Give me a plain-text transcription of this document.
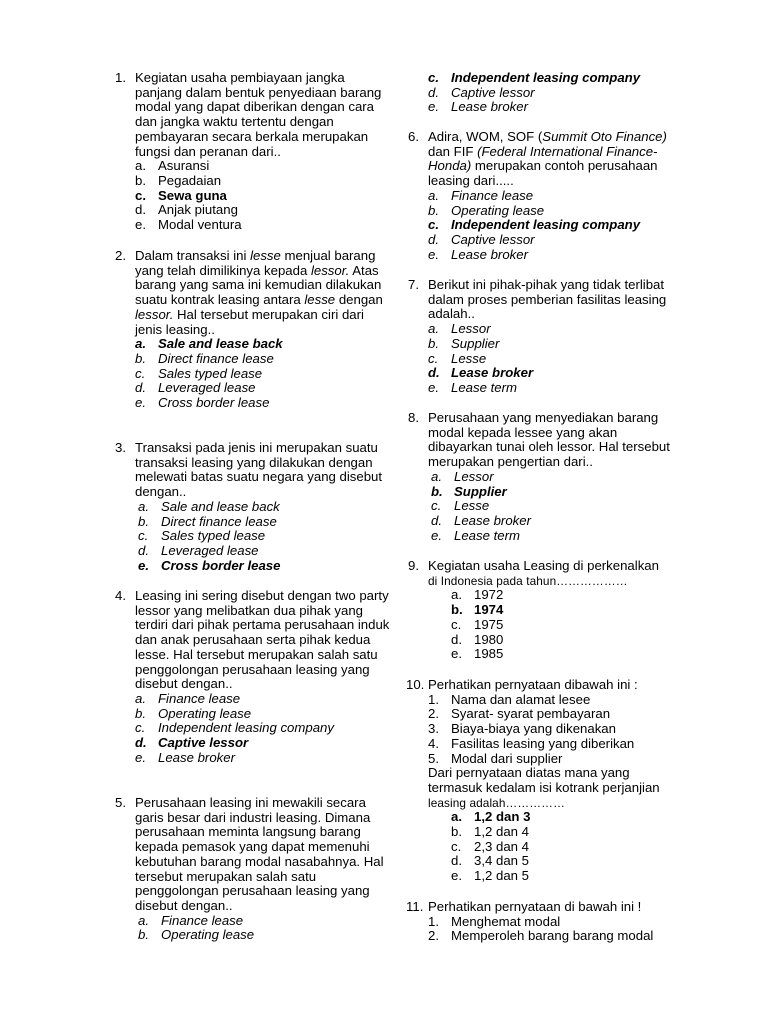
1. Kegiatan usaha pembiayaan jangka panjang dalam bentuk penyediaan barang modal yang dapat diberikan dengan cara dan jangka waktu tertentu dengan pembayaran secara berkala merupakan fungsi dan peranan dari..
a. Asuransi
b. Pegadaian
c. Sewa guna
d. Anjak piutang
e. Modal ventura
2. Dalam transaksi ini lesse menjual barang yang telah dimilikinya kepada lessor. Atas barang yang sama ini kemudian dilakukan suatu kontrak leasing antara lesse dengan lessor. Hal tersebut merupakan ciri dari jenis leasing..
a. Sale and lease back
b. Direct finance lease
c. Sales typed lease
d. Leveraged lease
e. Cross border lease
3. Transaksi pada jenis ini merupakan suatu transaksi leasing yang dilakukan dengan melewati batas suatu negara yang disebut dengan..
a. Sale and lease back
b. Direct finance lease
c. Sales typed lease
d. Leveraged lease
e. Cross border lease
4. Leasing ini sering disebut dengan two party lessor yang melibatkan dua pihak yang terdiri dari pihak pertama perusahaan induk dan anak perusahaan serta pihak kedua lesse. Hal tersebut merupakan salah satu penggolongan perusahaan leasing yang disebut dengan..
a. Finance lease
b. Operating lease
c. Independent leasing company
d. Captive lessor
e. Lease broker
5. Perusahaan leasing ini mewakili secara garis besar dari industri leasing. Dimana perusahaan meminta langsung barang kepada pemasok yang dapat memenuhi kebutuhan barang modal nasabahnya. Hal tersebut merupakan salah satu penggolongan perusahaan leasing yang disebut dengan..
a. Finance lease
b. Operating lease
c. Independent leasing company
d. Captive lessor
e. Lease broker
6. Adira, WOM, SOF (Summit Oto Finance) dan FIF (Federal International Finance-Honda) merupakan contoh perusahaan leasing dari.....
a. Finance lease
b. Operating lease
c. Independent leasing company
d. Captive lessor
e. Lease broker
7. Berikut ini pihak-pihak yang tidak terlibat dalam proses pemberian fasilitas leasing adalah..
a. Lessor
b. Supplier
c. Lesse
d. Lease broker
e. Lease term
8. Perusahaan yang menyediakan barang modal kepada lessee yang akan dibayarkan tunai oleh lessor. Hal tersebut merupakan pengertian dari..
a. Lessor
b. Supplier
c. Lesse
d. Lease broker
e. Lease term
9. Kegiatan usaha Leasing di perkenalkan
di Indonesia pada tahun………………
a. 1972
b. 1974
c. 1975
d. 1980
e. 1985
10. Perhatikan pernyataan dibawah ini :
1. Nama dan alamat lesee
2. Syarat- syarat pembayaran
3. Biaya-biaya yang dikenakan
4. Fasilitas leasing yang diberikan
5. Modal dari supplier
Dari pernyataan diatas mana yang
termasuk kedalam isi kotrank perjanjian
leasing adalah……………
a. 1,2 dan 3
b. 1,2 dan 4
c. 2,3 dan 4
d. 3,4 dan 5
e. 1,2 dan 5
11. Perhatikan pernyataan di bawah ini !
1. Menghemat modal
2. Memperoleh barang barang modal
